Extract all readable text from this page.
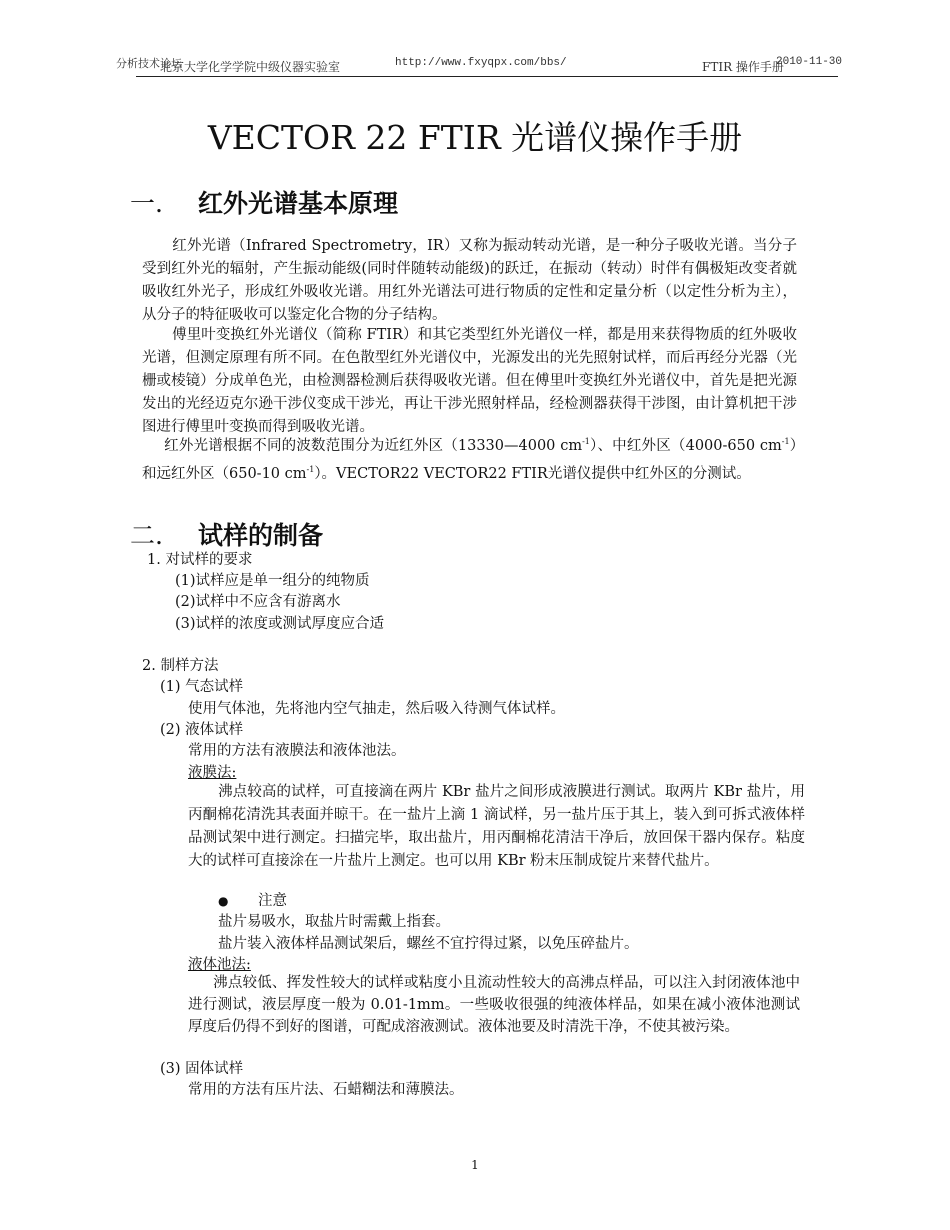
分析技术论坛
北京大学化学学院中级仪器实验室	http://www.fxyqpx.com/bbs/	FTIR 操作手册
2010-11-30
VECTOR 22 FTIR 光谱仪操作手册
一. 红外光谱基本原理

红外光谱（Infrared Spectrometry，IR）又称为振动转动光谱，是一种分子吸收光谱。当分子受到红外光的辐射，产生振动能级(同时伴随转动能级)的跃迁，在振动（转动）时伴有偶极矩改变者就吸收红外光子，形成红外吸收光谱。用红外光谱法可进行物质的定性和定量分析（以定性分析为主），从分子的特征吸收可以鉴定化合物的分子结构。

傅里叶变换红外光谱仪（简称 FTIR）和其它类型红外光谱仪一样，都是用来获得物质的红外吸收光谱，但测定原理有所不同。在色散型红外光谱仪中，光源发出的光先照射试样，而后再经分光器（光栅或棱镜）分成单色光，由检测器检测后获得吸收光谱。但在傅里叶变换红外光谱仪中，首先是把光源发出的光经迈克尔逊干涉仪变成干涉光，再让干涉光照射样品，经检测器获得干涉图，由计算机把干涉图进行傅里叶变换而得到吸收光谱。

红外光谱根据不同的波数范围分为近红外区（13330—4000 $cm^{-1}$）、中红外区（4000-650 $cm^{-1}$）和远红外区（650-10 $cm^{-1}$）。VECTOR22 VECTOR22 FTIR光谱仪提供中红外区的分测试。

二. 试样的制备
1. 对试样的要求
(1)试样应是单一组分的纯物质
(2)试样中不应含有游离水
(3)试样的浓度或测试厚度应合适
2. 制样方法
(1) 气态试样
使用气体池，先将池内空气抽走，然后吸入待测气体试样。
(2) 液体试样
常用的方法有液膜法和液体池法。
液膜法:

沸点较高的试样，可直接滴在两片 KBr 盐片之间形成液膜进行测试。取两片 KBr 盐片，用丙酮棉花清洗其表面并晾干。在一盐片上滴 1 滴试样，另一盐片压于其上，装入到可拆式液体样品测试架中进行测定。扫描完毕，取出盐片，用丙酮棉花清洁干净后，放回保干器内保存。粘度大的试样可直接涂在一片盐片上测定。也可以用 KBr 粉末压制成锭片来替代盐片。

● 注意
盐片易吸水，取盐片时需戴上指套。
盐片装入液体样品测试架后，螺丝不宜拧得过紧，以免压碎盐片。
液体池法:

沸点较低、挥发性较大的试样或粘度小且流动性较大的高沸点样品，可以注入封闭液体池中进行测试，液层厚度一般为 0.01-1mm。一些吸收很强的纯液体样品，如果在减小液体池测试厚度后仍得不到好的图谱，可配成溶液测试。液体池要及时清洗干净，不使其被污染。

(3) 固体试样
常用的方法有压片法、石蜡糊法和薄膜法。
1
